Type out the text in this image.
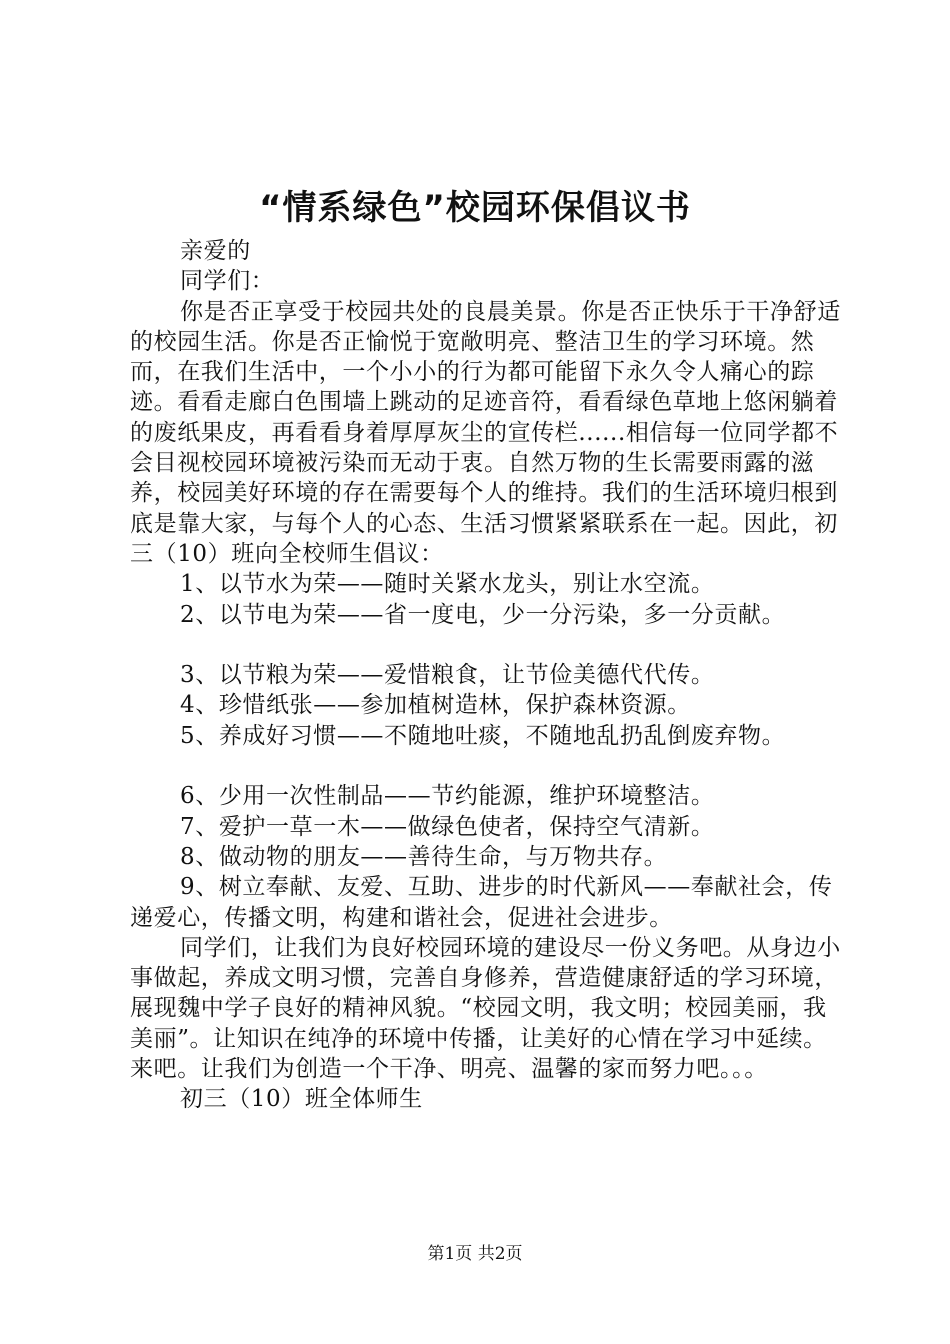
“情系绿色”校园环保倡议书

亲爱的

同学们：

你是否正享受于校园共处的良晨美景。你是否正快乐于干净舒适的校园生活。你是否正愉悦于宽敞明亮、整洁卫生的学习环境。然而，在我们生活中，一个小小的行为都可能留下永久令人痛心的踪迹。看看走廊白色围墙上跳动的足迹音符，看看绿色草地上悠闲躺着的废纸果皮，再看看身着厚厚灰尘的宣传栏......相信每一位同学都不会目视校园环境被污染而无动于衷。自然万物的生长需要雨露的滋养，校园美好环境的存在需要每个人的维持。我们的生活环境归根到底是靠大家，与每个人的心态、生活习惯紧紧联系在一起。因此，初三（10）班向全校师生倡议：

1、以节水为荣——随时关紧水龙头，别让水空流。

2、以节电为荣——省一度电，少一分污染，多一分贡献。

3、以节粮为荣——爱惜粮食，让节俭美德代代传。

4、珍惜纸张——参加植树造林，保护森林资源。

5、养成好习惯——不随地吐痰，不随地乱扔乱倒废弃物。

6、少用一次性制品——节约能源，维护环境整洁。

7、爱护一草一木——做绿色使者，保持空气清新。

8、做动物的朋友——善待生命，与万物共存。

9、树立奉献、友爱、互助、进步的时代新风——奉献社会，传递爱心，传播文明，构建和谐社会，促进社会进步。

同学们，让我们为良好校园环境的建设尽一份义务吧。从身边小事做起，养成文明习惯，完善自身修养，营造健康舒适的学习环境，展现魏中学子良好的精神风貌。“校园文明，我文明；校园美丽，我美丽”。让知识在纯净的环境中传播，让美好的心情在学习中延续。来吧。让我们为创造一个干净、明亮、温馨的家而努力吧。。。

初三（10）班全体师生

第1页 共2页
